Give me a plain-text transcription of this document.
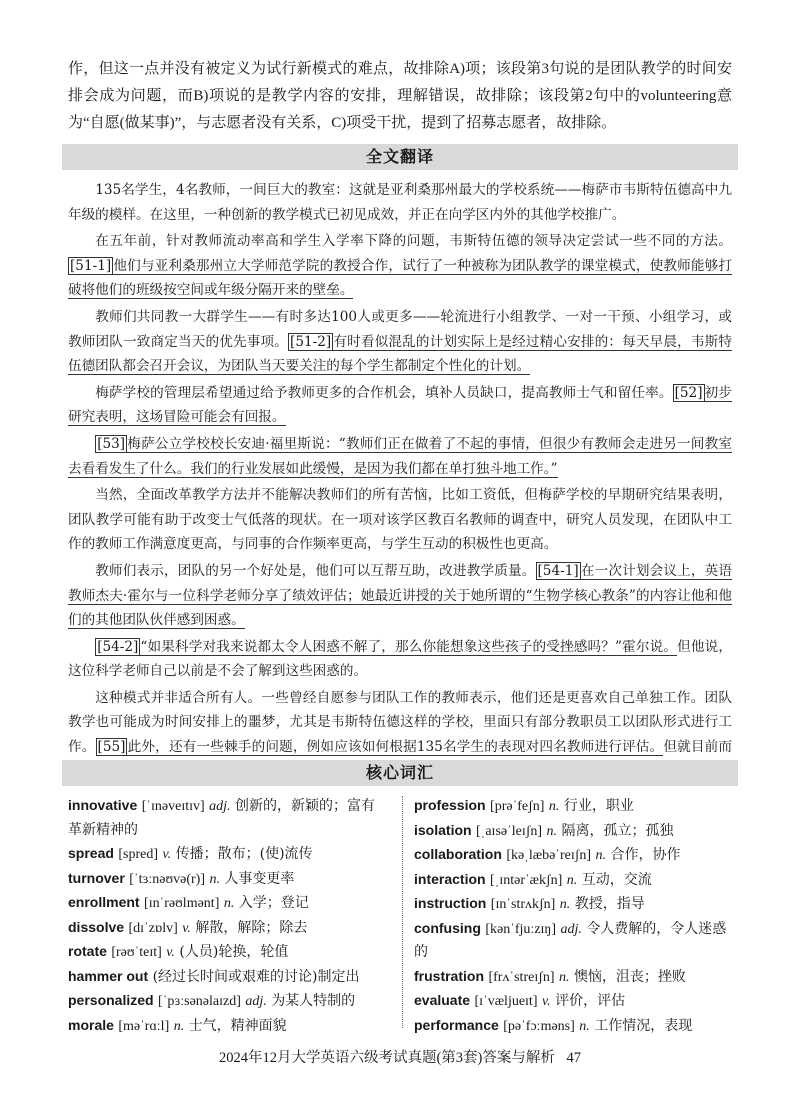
作，但这一点并没有被定义为试行新模式的难点，故排除A)项；该段第3句说的是团队教学的时间安排会成为问题，而B)项说的是教学内容的安排，理解错误，故排除；该段第2句中的volunteering意为“自愿(做某事)”，与志愿者没有关系，C)项受干扰，提到了招募志愿者，故排除。

全文翻译

135名学生，4名教师，一间巨大的教室：这就是亚利桑那州最大的学校系统——梅萨市韦斯特伍德高中九年级的模样。在这里，一种创新的教学模式已初见成效，并正在向学区内外的其他学校推广。

在五年前，针对教师流动率高和学生入学率下降的问题，韦斯特伍德的领导决定尝试一些不同的方法。[51-1] 他们与亚利桑那州立大学师范学院的教授合作，试行了一种被称为团队教学的课堂模式，使教师能够打破将他们的班级按空间或年级分隔开来的壁垒。

教师们共同教一大群学生——有时多达100人或更多——轮流进行小组教学、一对一干预、小组学习，或教师团队一致商定当天的优先事项。 [51-2] 有时看似混乱的计划实际上是经过精心安排的：每天早晨，韦斯特伍德团队都会召开会议，为团队当天要关注的每个学生都制定个性化的计划。

梅萨学校的管理层希望通过给予教师更多的合作机会，填补人员缺口，提高教师士气和留任率。 [52] 初步研究表明，这场冒险可能会有回报。

[53] 梅萨公立学校校长安迪·福里斯说：“教师们正在做着了不起的事情，但很少有教师会走进另一间教室去看看发生了什么。我们的行业发展如此缓慢，是因为我们都在单打独斗地工作。”

当然，全面改革教学方法并不能解决教师们的所有苦恼，比如工资低，但梅萨学校的早期研究结果表明，团队教学可能有助于改变士气低落的现状。在一项对该学区教百名教师的调查中，研究人员发现，在团队中工作的教师工作满意度更高，与同事的合作频率更高，与学生互动的积极性也更高。

教师们表示，团队的另一个好处是，他们可以互帮互助，改进教学质量。 [54-1] 在一次计划会议上，英语教师杰夫·霍尔与一位科学老师分享了绩效评估；她最近讲授的关于她所谓的“生物学核心教条”的内容让他和他们的其他团队伙伴感到困惑。

[54-2] “如果科学对我来说都太令人困惑不解了，那么你能想象这些孩子的受挫感吗？”霍尔说。但他说，这位科学老师自己以前是不会了解到这些困惑的。

这种模式并非适合所有人。一些曾经自愿参与团队工作的教师表示，他们还是更喜欢自己单独工作。团队教学也可能成为时间安排上的噩梦，尤其是韦斯特伍德这样的学校，里面只有部分教职员工以团队形式进行工作。 [55] 此外，还有一些棘手的问题，例如应该如何根据135名学生的表现对四名教师进行评估。但就目前而

核心词汇

innovative [ˈɪnəveɪtɪv] adj. 创新的，新颖的；富有革新精神的

spread [spred] v. 传播；散布；(使)流传

turnover [ˈtɜːnəʊvə(r)] n. 人事变更率

enrollment [ɪnˈrəʊlmənt] n. 入学；登记

dissolve [dɪˈzɒlv] v. 解散，解除；除去

rotate [rəʊˈteɪt] v. (人员)轮换，轮值

hammer out (经过长时间或艰难的讨论)制定出

personalized [ˈpɜːsənəlaɪzd] adj. 为某人特制的

morale [məˈrɑːl] n. 士气，精神面貌

profession [prəˈfeʃn] n. 行业，职业

isolation [ˌaɪsəˈleɪʃn] n. 隔离，孤立；孤独

collaboration [kəˌlæbəˈreɪʃn] n. 合作，协作

interaction [ˌɪntərˈækʃn] n. 互动，交流

instruction [ɪnˈstrʌkʃn] n. 教授，指导

confusing [kənˈfjuːzɪŋ] adj. 令人费解的，令人迷惑的

frustration [frʌˈstreɪʃn] n. 懊恼，沮丧；挫败

evaluate [ɪˈvæljueɪt] v. 评价，评估

performance [pəˈfɔːməns] n. 工作情况，表现

2024年12月大学英语六级考试真题(第3套)答案与解析 47
